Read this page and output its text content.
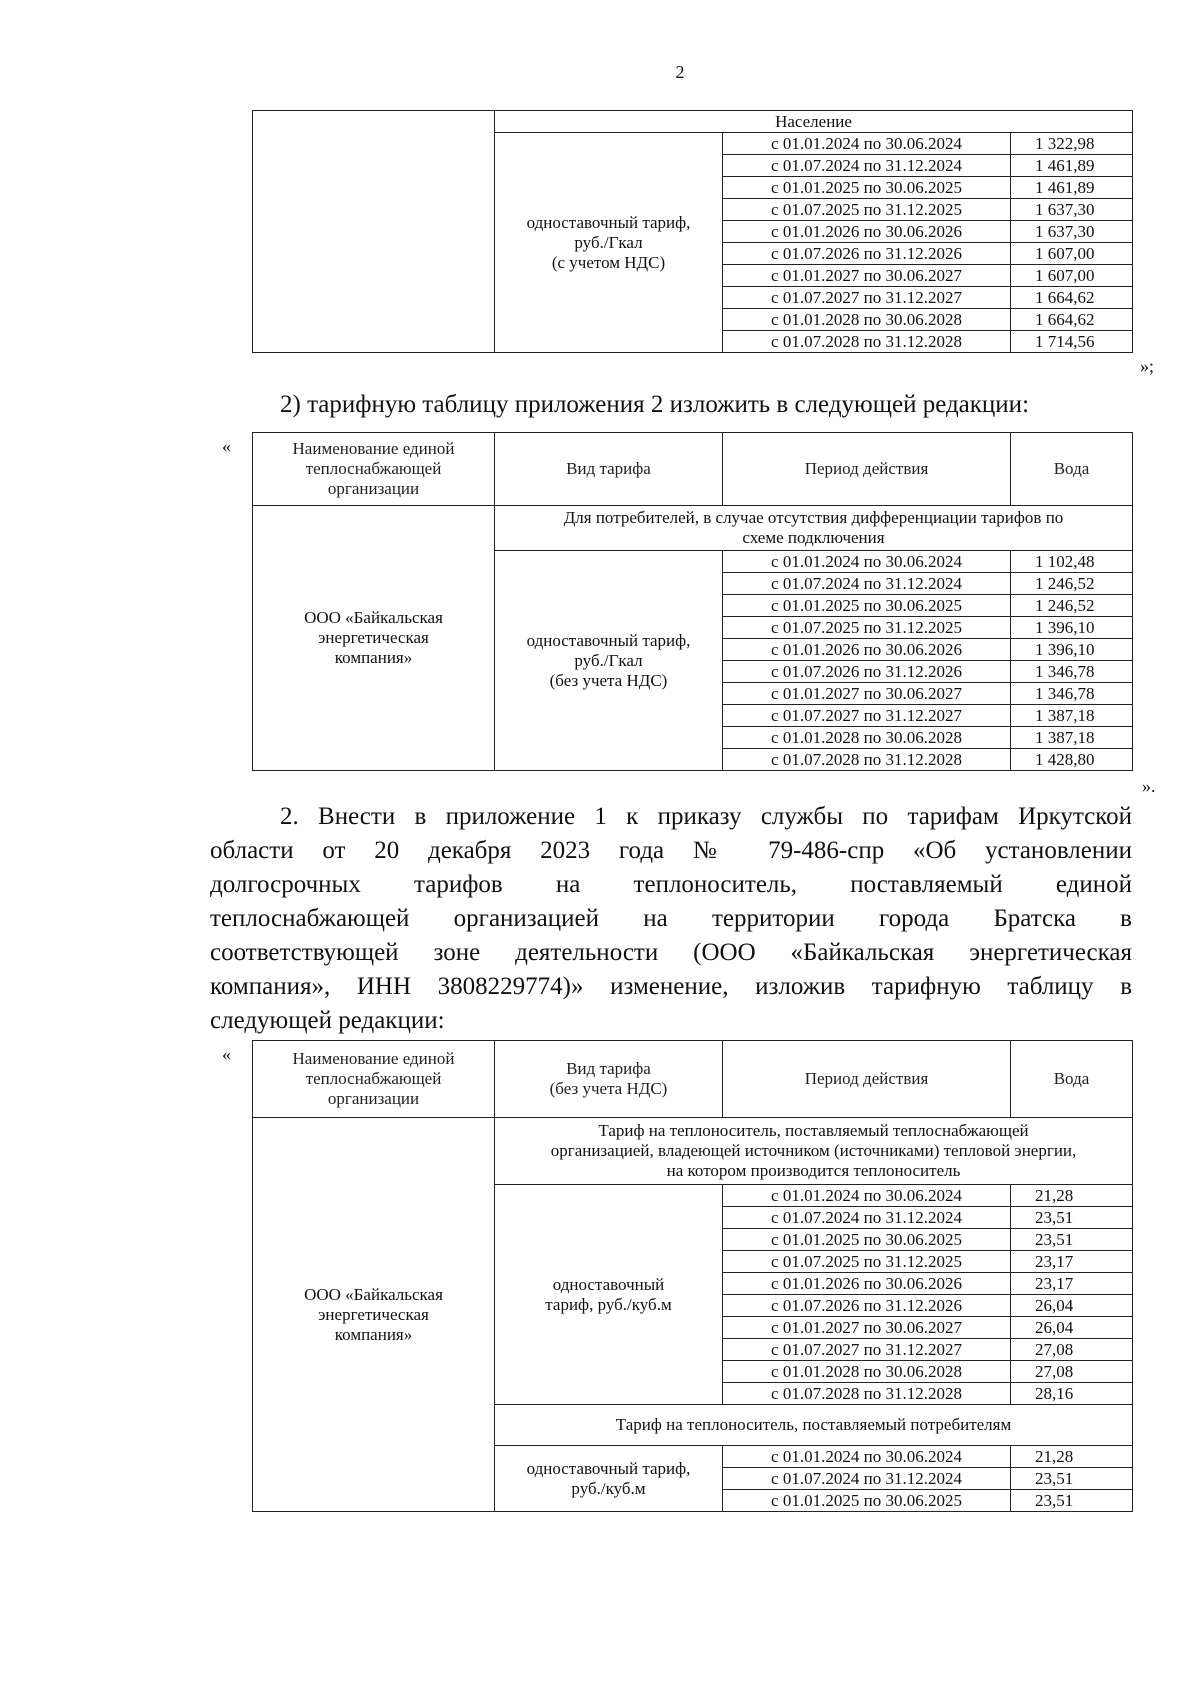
2
	Население		

	одноставочный тариф,
руб./Гкал
(с учетом НДС)	с 01.01.2024 по 30.06.2024	1 322,98
		с 01.07.2024 по 31.12.2024	1 461,89
		с 01.01.2025 по 30.06.2025	1 461,89
		с 01.07.2025 по 31.12.2025	1 637,30
		с 01.01.2026 по 30.06.2026	1 637,30
		с 01.07.2026 по 31.12.2026	1 607,00
		с 01.01.2027 по 30.06.2027	1 607,00
		с 01.07.2027 по 31.12.2027	1 664,62
		с 01.01.2028 по 30.06.2028	1 664,62
		с 01.07.2028 по 31.12.2028	1 714,56
»;
2) тарифную таблицу приложения 2 изложить в следующей редакции:
«	Наименование единой
теплоснабжающей
организации	Вид тарифа	Период действия	Вода

ООО «Байкальская
энергетическая
компания»	Для потребителей, в случае отсутствия дифференциации тарифов по
схеме подключения		

	одноставочный тариф,
руб./Гкал
(без учета НДС)	с 01.01.2024 по 30.06.2024	1 102,48
		с 01.07.2024 по 31.12.2024	1 246,52
		с 01.01.2025 по 30.06.2025	1 246,52
		с 01.07.2025 по 31.12.2025	1 396,10
		с 01.01.2026 по 30.06.2026	1 396,10
		с 01.07.2026 по 31.12.2026	1 346,78
		с 01.01.2027 по 30.06.2027	1 346,78
		с 01.07.2027 по 31.12.2027	1 387,18
		с 01.01.2028 по 30.06.2028	1 387,18
		с 01.07.2028 по 31.12.2028	1 428,80
».
2. Внести в приложение 1 к приказу службы по тарифам Иркутской
области от 20 декабря 2023 года № 79-486-спр «Об установлении
долгосрочных тарифов на теплоноситель, поставляемый единой
теплоснабжающей организацией на территории города Братска в
соответствующей зоне деятельности (ООО «Байкальская энергетическая
компания», ИНН 3808229774)» изменение, изложив тарифную таблицу в
следующей редакции:
«	Наименование единой
теплоснабжающей
организации	Вид тарифа
(без учета НДС)	Период действия	Вода

ООО «Байкальская
энергетическая
компания»	Тариф на теплоноситель, поставляемый теплоснабжающей
организацией, владеющей источником (источниками) тепловой энергии,
на котором производится теплоноситель		

	одноставочный
тариф, руб./куб.м	с 01.01.2024 по 30.06.2024	21,28
		с 01.07.2024 по 31.12.2024	23,51
		с 01.01.2025 по 30.06.2025	23,51
		с 01.07.2025 по 31.12.2025	23,17
		с 01.01.2026 по 30.06.2026	23,17
		с 01.07.2026 по 31.12.2026	26,04
		с 01.01.2027 по 30.06.2027	26,04
		с 01.07.2027 по 31.12.2027	27,08
		с 01.01.2028 по 30.06.2028	27,08
		с 01.07.2028 по 31.12.2028	28,16
	Тариф на теплоноситель, поставляемый потребителям		

	одноставочный тариф,
руб./куб.м	с 01.01.2024 по 30.06.2024	21,28
		с 01.07.2024 по 31.12.2024	23,51
		с 01.01.2025 по 30.06.2025	23,51
